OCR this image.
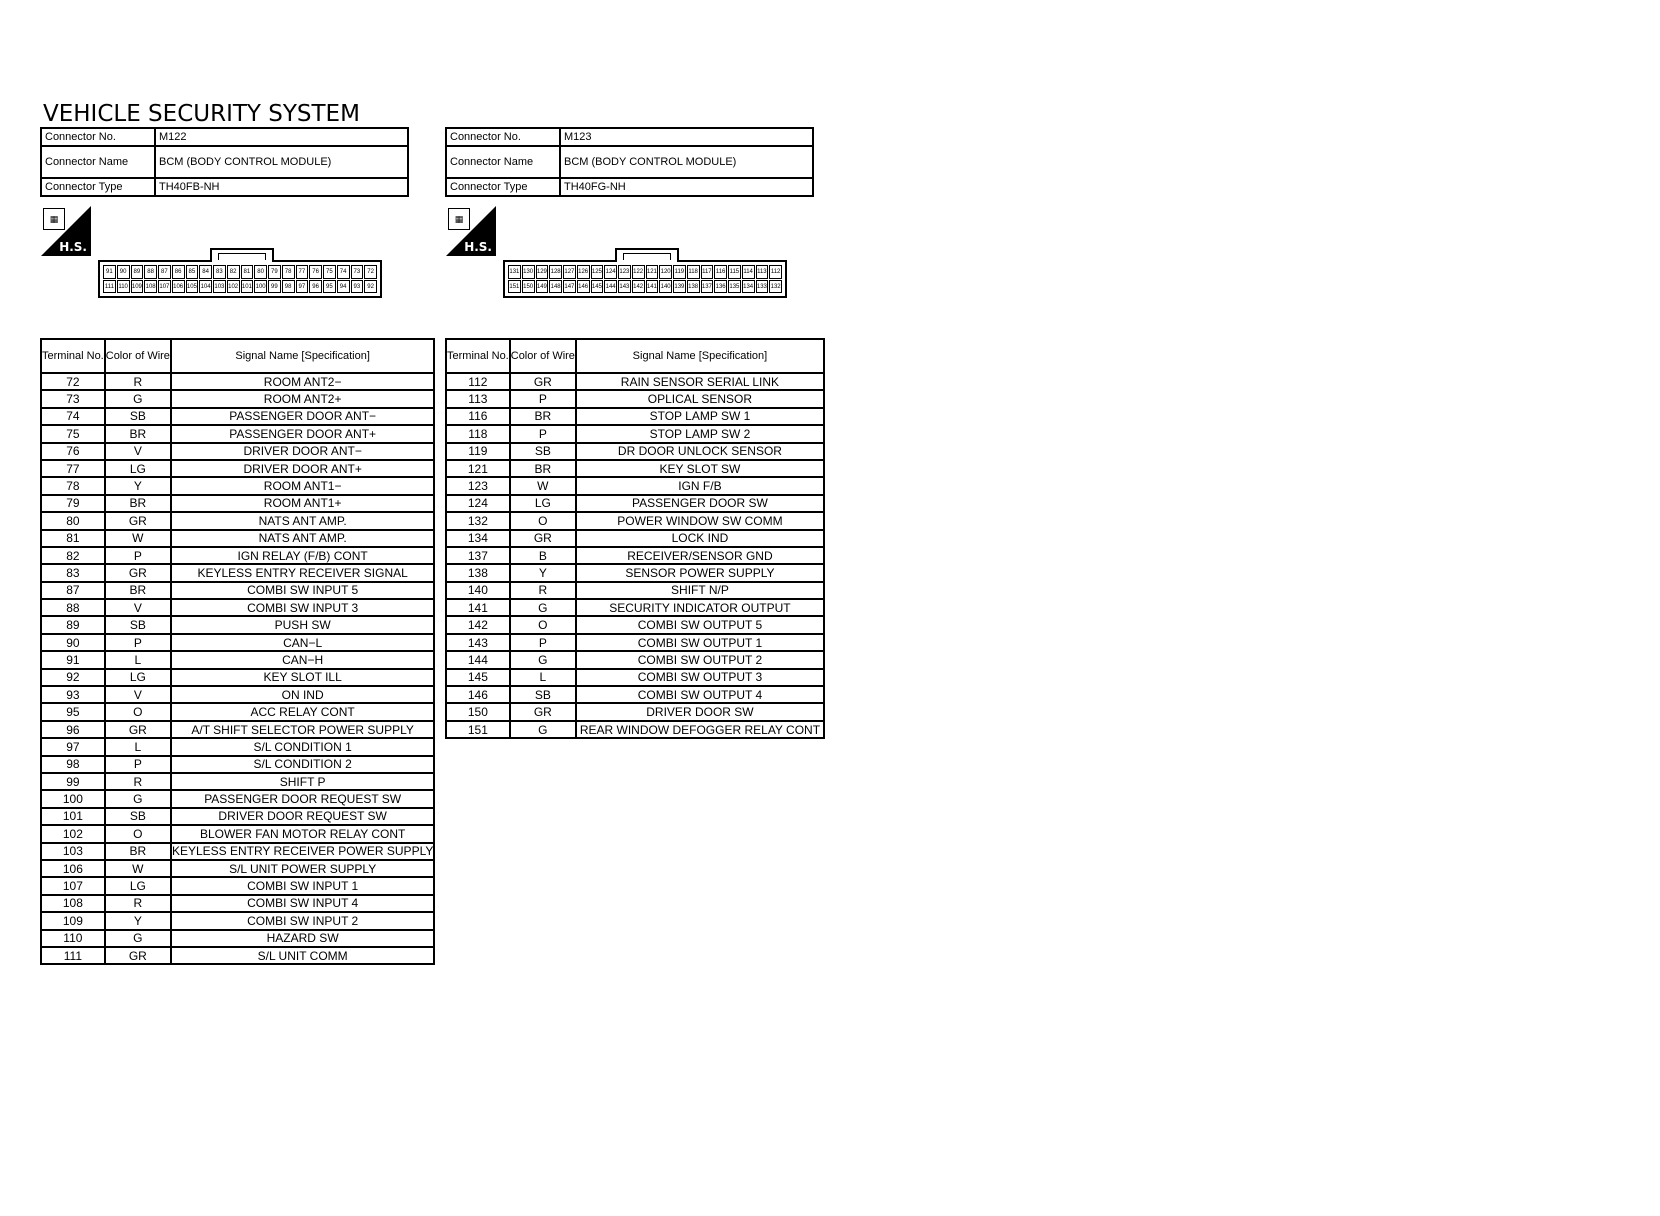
VEHICLE SECURITY SYSTEM
Connector No.	M122
Connector Name	BCM (BODY CONTROL MODULE)
Connector Type	TH40FB-NH
Connector No.	M123
Connector Name	BCM (BODY CONTROL MODULE)
Connector Type	TH40FG-NH
▦
H.S.
▦
H.S.
91	90	89	88	87	86	85	84	83	82	81	80	79	78	77	76	75	74	73	72
111 110 109 108 107 106 105 104 103 102 101 100 99	98	97	96	95	94	93	92
131 130 129 128 127 126 125 124 123 122 121 120 119 118 117 116 115 114 113 112
151 150 149 148 147 146 145 144 143 142 141 140 139 138 137 136 135 134 133 132
Terminal No.	Color of Wire	Signal Name [Specification]
72	R	ROOM ANT2−
73	G	ROOM ANT2+
74	SB	PASSENGER DOOR ANT−
75	BR	PASSENGER DOOR ANT+
76	V	DRIVER DOOR ANT−
77	LG	DRIVER DOOR ANT+
78	Y	ROOM ANT1−
79	BR	ROOM ANT1+
80	GR	NATS ANT AMP.
81	W	NATS ANT AMP.
82	P	IGN RELAY (F/B) CONT
83	GR	KEYLESS ENTRY RECEIVER SIGNAL
87	BR	COMBI SW INPUT 5
88	V	COMBI SW INPUT 3
89	SB	PUSH SW
90	P	CAN−L
91	L	CAN−H
92	LG	KEY SLOT ILL
93	V	ON IND
95	O	ACC RELAY CONT
96	GR	A/T SHIFT SELECTOR POWER SUPPLY
97	L	S/L CONDITION 1
98	P	S/L CONDITION 2
99	R	SHIFT P
100	G	PASSENGER DOOR REQUEST SW
101	SB	DRIVER DOOR REQUEST SW
102	O	BLOWER FAN MOTOR RELAY CONT
103	BR	KEYLESS ENTRY RECEIVER POWER SUPPLY
106	W	S/L UNIT POWER SUPPLY
107	LG	COMBI SW INPUT 1
108	R	COMBI SW INPUT 4
109	Y	COMBI SW INPUT 2
110	G	HAZARD SW
111	GR	S/L UNIT COMM
Terminal No.	Color of Wire	Signal Name [Specification]
112	GR	RAIN SENSOR SERIAL LINK
113	P	OPLICAL SENSOR
116	BR	STOP LAMP SW 1
118	P	STOP LAMP SW 2
119	SB	DR DOOR UNLOCK SENSOR
121	BR	KEY SLOT SW
123	W	IGN F/B
124	LG	PASSENGER DOOR SW
132	O	POWER WINDOW SW COMM
134	GR	LOCK IND
137	B	RECEIVER/SENSOR GND
138	Y	SENSOR POWER SUPPLY
140	R	SHIFT N/P
141	G	SECURITY INDICATOR OUTPUT
142	O	COMBI SW OUTPUT 5
143	P	COMBI SW OUTPUT 1
144	G	COMBI SW OUTPUT 2
145	L	COMBI SW OUTPUT 3
146	SB	COMBI SW OUTPUT 4
150	GR	DRIVER DOOR SW
151	G	REAR WINDOW DEFOGGER RELAY CONT
